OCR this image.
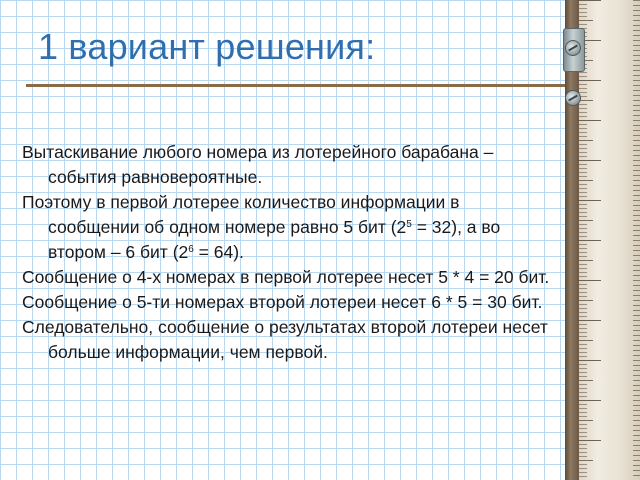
1 вариант решения:
Вытаскивание любого номера из лотерейного барабана – события равновероятные.
Поэтому в первой лотерее количество информации в сообщении об одном номере равно 5 бит $(2^5 = 32)$, а во втором – 6 бит $(2^6 = 64)$.
Сообщение о 4-х номерах в первой лотерее несет 5 * 4 = 20 бит.
Сообщение о 5-ти номерах второй лотереи несет 6 * 5 = 30 бит.
Следовательно, сообщение о результатах второй лотереи несет больше информации, чем первой.
